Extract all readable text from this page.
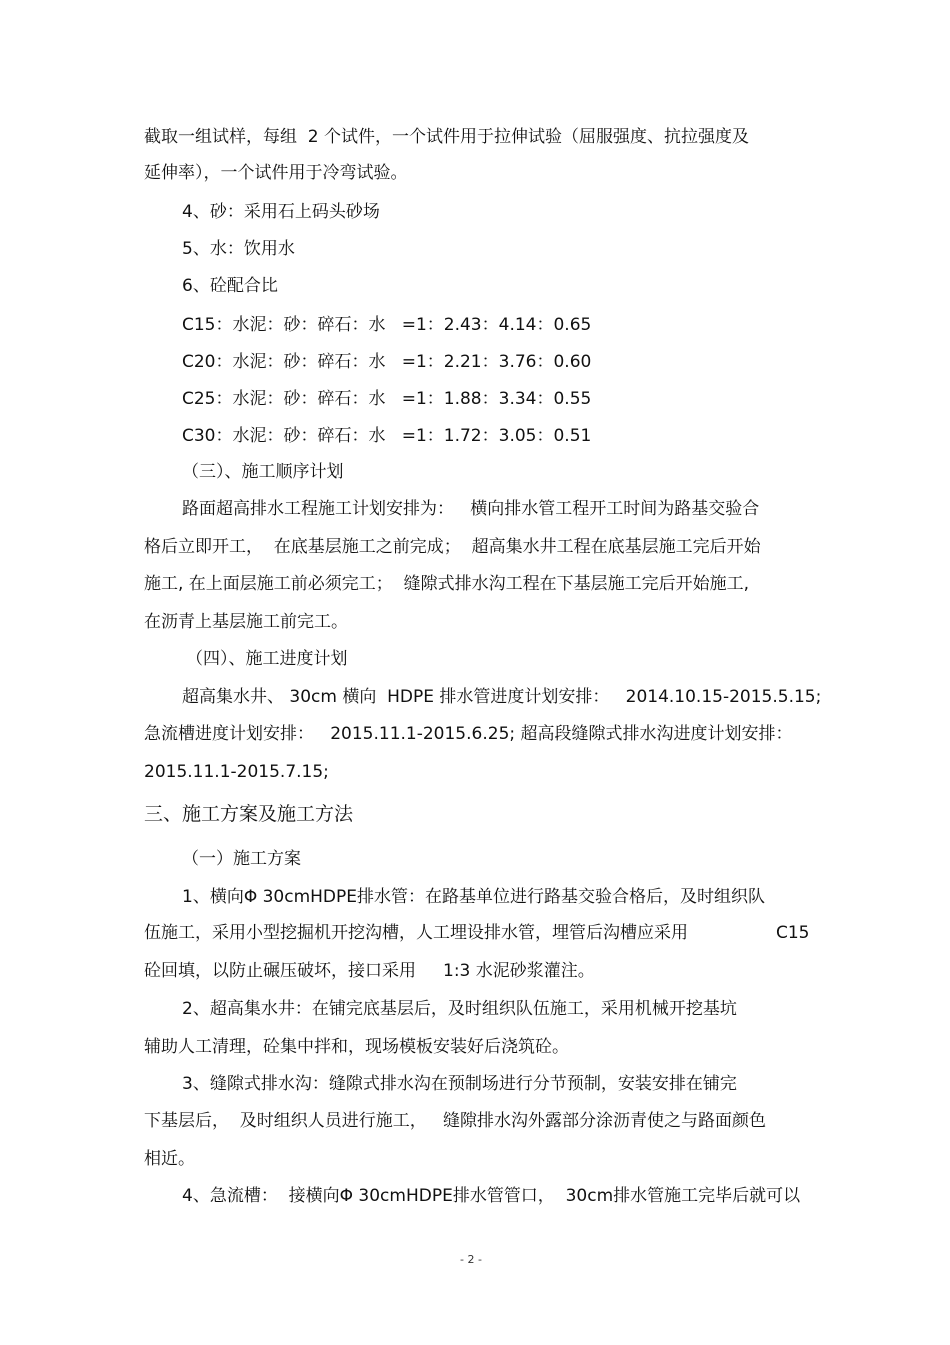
截取一组试样，每组  2 个试件，一个试件用于拉伸试验（屈服强度、抗拉强度及
延伸率），一个试件用于冷弯试验。
4、砂：采用石上码头砂场
5、水：饮用水
6、砼配合比
C15：水泥：砂：碎石：水   =1：2.43：4.14：0.65
C20：水泥：砂：碎石：水   =1：2.21：3.76：0.60
C25：水泥：砂：碎石：水   =1：1.88：3.34：0.55
C30：水泥：砂：碎石：水   =1：1.72：3.05：0.51
（三）、施工顺序计划
路面超高排水工程施工计划安排为：   横向排水管工程开工时间为路基交验合
格后立即开工，  在底基层施工之前完成；  超高集水井工程在底基层施工完后开始
施工, 在上面层施工前必须完工；  缝隙式排水沟工程在下基层施工完后开始施工,
在沥青上基层施工前完工。
（四）、施工进度计划
超高集水井、 30cm 横向  HDPE 排水管进度计划安排：   2014.10.15-2015.5.15;
急流槽进度计划安排：   2015.11.1-2015.6.25; 超高段缝隙式排水沟进度计划安排：
2015.11.1-2015.7.15;
三、施工方案及施工方法
（一）施工方案
1、横向Φ 30cmHDPE排水管：在路基单位进行路基交验合格后，及时组织队
伍施工，采用小型挖掘机开挖沟槽，人工埋设排水管，埋管后沟槽应采用	C15
砼回填，以防止碾压破坏，接口采用     1:3 水泥砂浆灌注。
2、超高集水井：在铺完底基层后，及时组织队伍施工，采用机械开挖基坑
辅助人工清理，砼集中拌和，现场模板安装好后浇筑砼。
3、缝隙式排水沟：缝隙式排水沟在预制场进行分节预制，安装安排在铺完
下基层后，  及时组织人员进行施工，   缝隙排水沟外露部分涂沥青使之与路面颜色
相近。
4、急流槽：  接横向Φ 30cmHDPE排水管管口，  30cm排水管施工完毕后就可以
- 2 -
